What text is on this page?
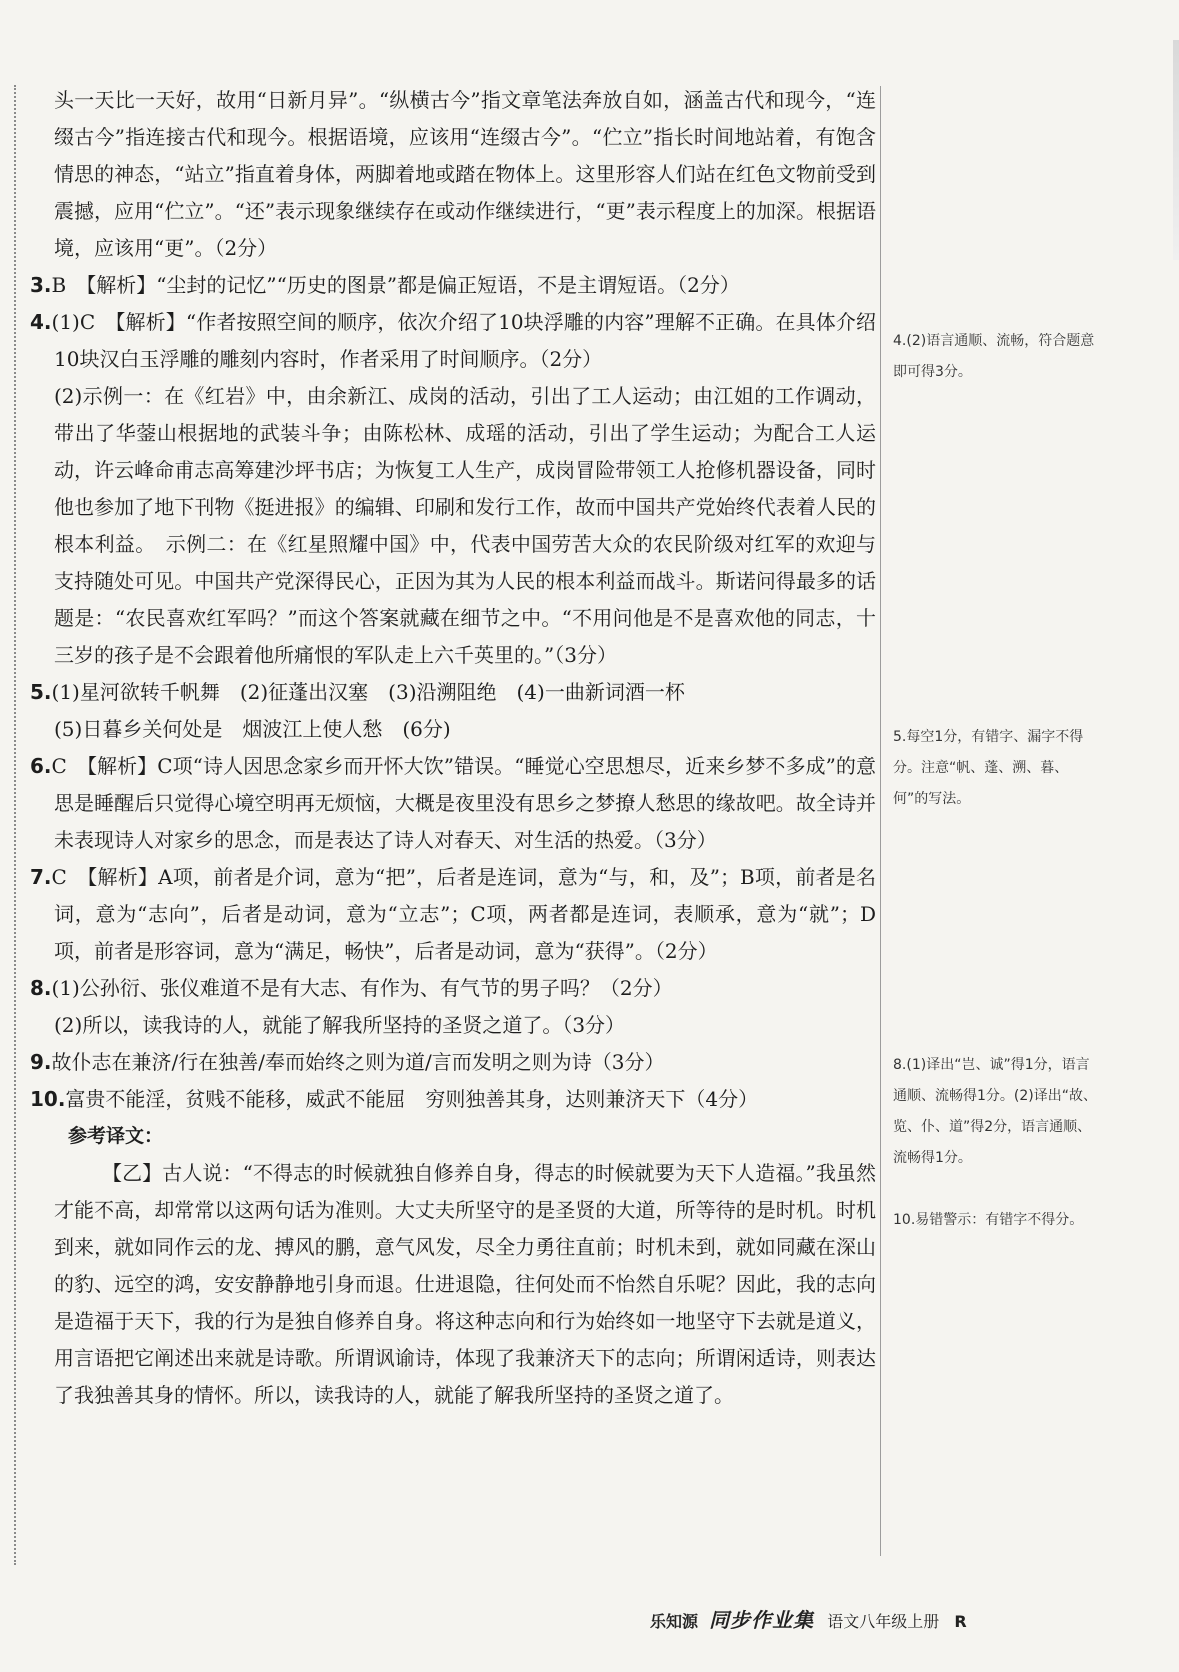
头一天比一天好，故用“日新月异”。“纵横古今”指文章笔法奔放自如，涵盖古代和现今，“连缀古今”指连接古代和现今。根据语境，应该用“连缀古今”。“伫立”指长时间地站着，有饱含情思的神态，“站立”指直着身体，两脚着地或踏在物体上。这里形容人们站在红色文物前受到震撼，应用“伫立”。“还”表示现象继续存在或动作继续进行，“更”表示程度上的加深。根据语境，应该用“更”。（2分）

3.B　【解析】“尘封的记忆”“历史的图景”都是偏正短语，不是主谓短语。（2分）

4.(1)C　【解析】“作者按照空间的顺序，依次介绍了10块浮雕的内容”理解不正确。在具体介绍10块汉白玉浮雕的雕刻内容时，作者采用了时间顺序。（2分）

(2)示例一：在《红岩》中，由余新江、成岗的活动，引出了工人运动；由江姐的工作调动，带出了华蓥山根据地的武装斗争；由陈松林、成瑶的活动，引出了学生运动；为配合工人运动，许云峰命甫志高筹建沙坪书店；为恢复工人生产，成岗冒险带领工人抢修机器设备，同时他也参加了地下刊物《挺进报》的编辑、印刷和发行工作，故而中国共产党始终代表着人民的根本利益。　示例二：在《红星照耀中国》中，代表中国劳苦大众的农民阶级对红军的欢迎与支持随处可见。中国共产党深得民心，正因为其为人民的根本利益而战斗。斯诺问得最多的话题是：“农民喜欢红军吗？”而这个答案就藏在细节之中。“不用问他是不是喜欢他的同志，十三岁的孩子是不会跟着他所痛恨的军队走上六千英里的。”（3分）

5.(1)星河欲转千帆舞　(2)征蓬出汉塞　(3)沿溯阻绝　(4)一曲新词酒一杯

(5)日暮乡关何处是　烟波江上使人愁　(6分)

6.C　【解析】C项“诗人因思念家乡而开怀大饮”错误。“睡觉心空思想尽，近来乡梦不多成”的意思是睡醒后只觉得心境空明再无烦恼，大概是夜里没有思乡之梦撩人愁思的缘故吧。故全诗并未表现诗人对家乡的思念，而是表达了诗人对春天、对生活的热爱。（3分）

7.C　【解析】A项，前者是介词，意为“把”，后者是连词，意为“与，和，及”；B项，前者是名词，意为“志向”，后者是动词，意为“立志”；C项，两者都是连词，表顺承，意为“就”；D项，前者是形容词，意为“满足，畅快”，后者是动词，意为“获得”。（2分）

8.(1)公孙衍、张仪难道不是有大志、有作为、有气节的男子吗？（2分）

(2)所以，读我诗的人，就能了解我所坚持的圣贤之道了。（3分）

9.故仆志在兼济/行在独善/奉而始终之则为道/言而发明之则为诗（3分）

10.富贵不能淫，贫贱不能移，威武不能屈　穷则独善其身，达则兼济天下（4分）

参考译文：

【乙】古人说：“不得志的时候就独自修养自身，得志的时候就要为天下人造福。”我虽然才能不高，却常常以这两句话为准则。大丈夫所坚守的是圣贤的大道，所等待的是时机。时机到来，就如同作云的龙、搏风的鹏，意气风发，尽全力勇往直前；时机未到，就如同藏在深山的豹、远空的鸿，安安静静地引身而退。仕进退隐，往何处而不怡然自乐呢？因此，我的志向是造福于天下，我的行为是独自修养自身。将这种志向和行为始终如一地坚守下去就是道义，用言语把它阐述出来就是诗歌。所谓讽谕诗，体现了我兼济天下的志向；所谓闲适诗，则表达了我独善其身的情怀。所以，读我诗的人，就能了解我所坚持的圣贤之道了。

4.(2)语言通顺、流畅，符合题意即可得3分。
5.每空1分，有错字、漏字不得分。注意“帆、蓬、溯、暮、何”的写法。
8.(1)译出“岂、诚”得1分，语言通顺、流畅得1分。(2)译出“故、览、仆、道”得2分，语言通顺、流畅得1分。
10.易错警示：有错字不得分。
乐知源 同步作业集 语文八年级上册 R
